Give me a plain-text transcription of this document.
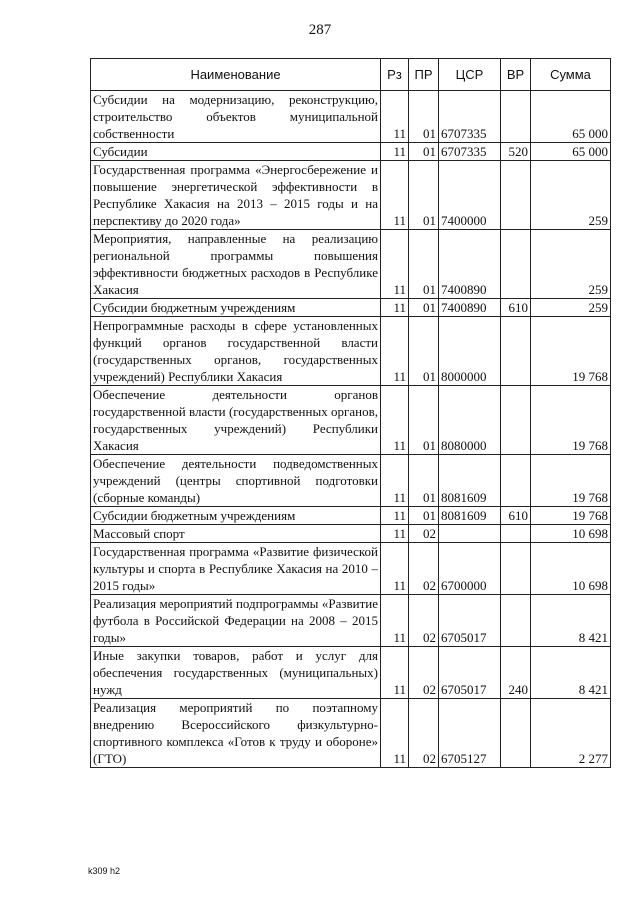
287
Наименование	Рз	ПР	ЦСР	ВР	Сумма
Субсидии на модернизацию, реконструкцию, строительство объектов муниципальной собственности	11	01	6707335		65 000
Субсидии	11	01	6707335	520	65 000
Государственная программа «Энергосбережение и повышение энергетической эффективности в Республике Хакасия на 2013 – 2015 годы и на перспективу до 2020 года»	11	01	7400000		259
Мероприятия, направленные на реализацию региональной программы повышения эффективности бюджетных расходов в Республике Хакасия	11	01	7400890		259
Субсидии бюджетным учреждениям	11	01	7400890	610	259
Непрограммные расходы в сфере установленных функций органов государственной власти (государственных органов, государственных учреждений) Республики Хакасия	11	01	8000000		19 768
Обеспечение деятельности органов государственной власти (государственных органов, государственных учреждений) Республики Хакасия	11	01	8080000		19 768
Обеспечение деятельности подведомственных учреждений (центры спортивной подготовки (сборные команды)	11	01	8081609		19 768
Субсидии бюджетным учреждениям	11	01	8081609	610	19 768
Массовый спорт	11	02			10 698
Государственная программа «Развитие физической культуры и спорта в Республике Хакасия на 2010 – 2015 годы»	11	02	6700000		10 698
Реализация мероприятий подпрограммы «Развитие футбола в Российской Федерации на 2008 – 2015 годы»	11	02	6705017		8 421
Иные закупки товаров, работ и услуг для обеспечения государственных (муниципальных) нужд	11	02	6705017	240	8 421
Реализация мероприятий по поэтапному внедрению Всероссийского физкультурно-спортивного комплекса «Готов к труду и обороне» (ГТО)	11	02	6705127		2 277
k309 h2
